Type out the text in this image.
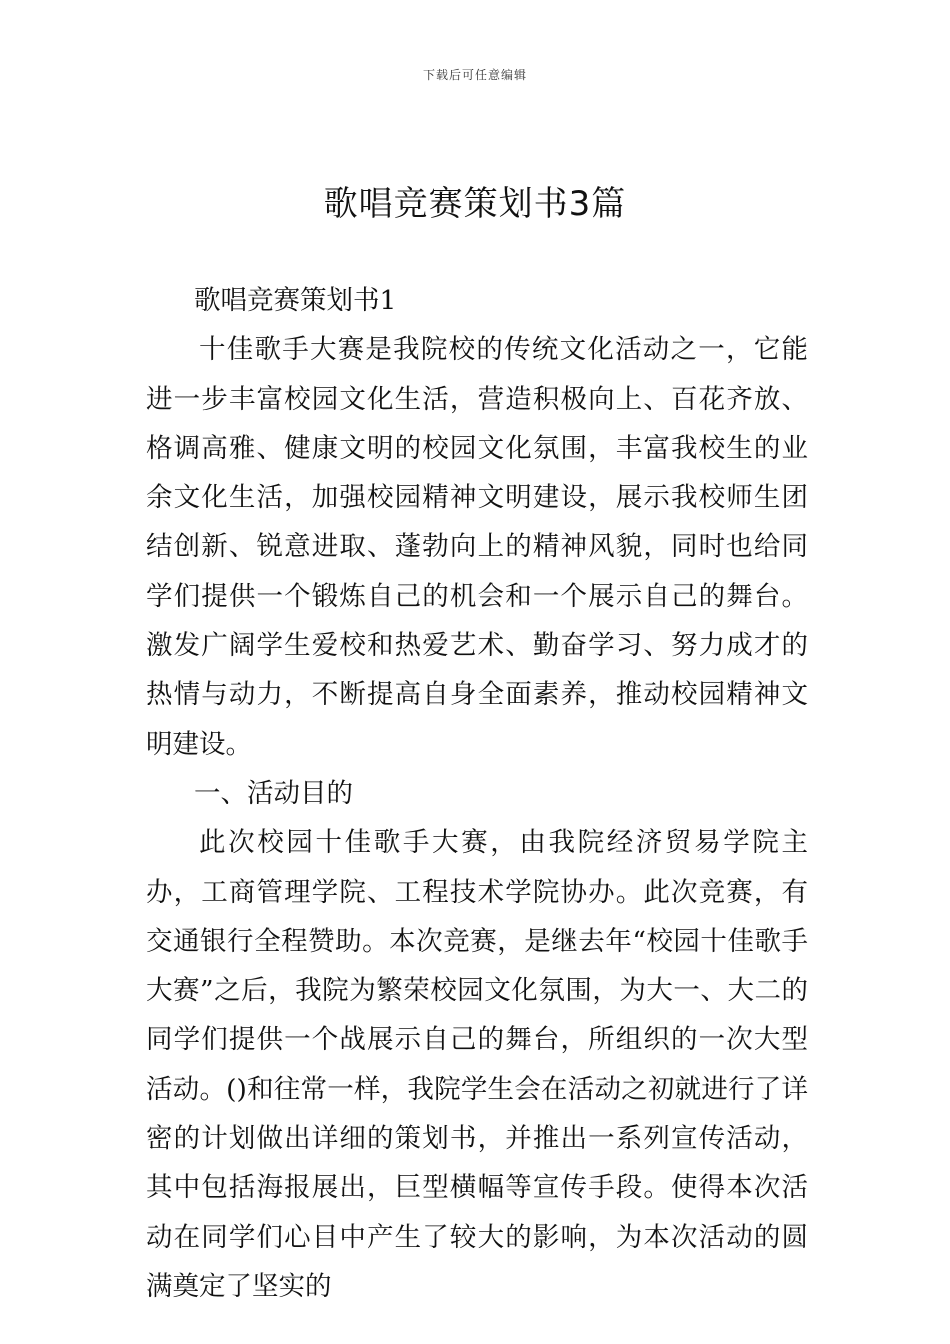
下载后可任意编辑
歌唱竞赛策划书3篇

歌唱竞赛策划书1

十佳歌手大赛是我院校的传统文化活动之一，它能进一步丰富校园文化生活，营造积极向上、百花齐放、格调高雅、健康文明的校园文化氛围，丰富我校生的业余文化生活，加强校园精神文明建设，展示我校师生团结创新、锐意进取、蓬勃向上的精神风貌，同时也给同学们提供一个锻炼自己的机会和一个展示自己的舞台。激发广阔学生爱校和热爱艺术、勤奋学习、努力成才的热情与动力，不断提高自身全面素养，推动校园精神文明建设。

一、活动目的

此次校园十佳歌手大赛，由我院经济贸易学院主办，工商管理学院、工程技术学院协办。此次竞赛，有交通银行全程赞助。本次竞赛，是继去年“校园十佳歌手大赛”之后，我院为繁荣校园文化氛围，为大一、大二的同学们提供一个战展示自己的舞台，所组织的一次大型活动。()和往常一样，我院学生会在活动之初就进行了详密的计划做出详细的策划书，并推出一系列宣传活动，其中包括海报展出，巨型横幅等宣传手段。使得本次活动在同学们心目中产生了较大的影响，为本次活动的圆满奠定了坚实的
